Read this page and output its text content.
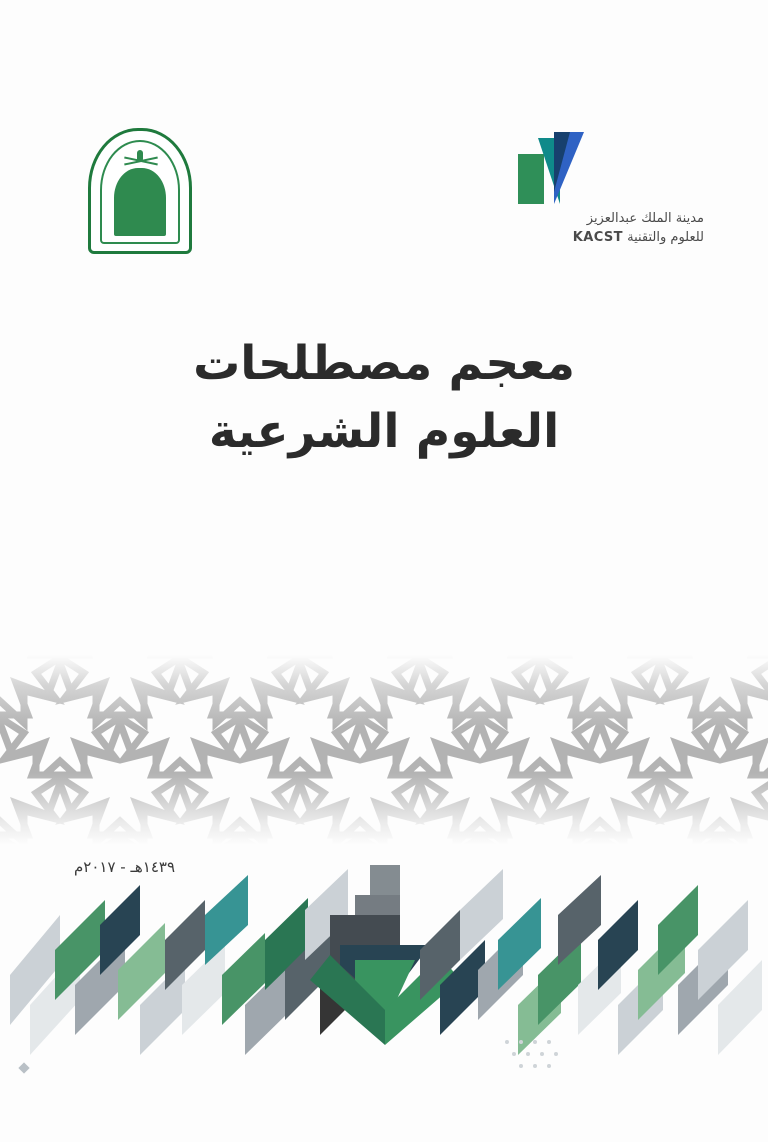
مدينة الملك عبدالعزيز
للعلوم والتقنية KACST
معجم مصطلحات
العلوم الشرعية
١٤٣٩هـ - ٢٠١٧م
